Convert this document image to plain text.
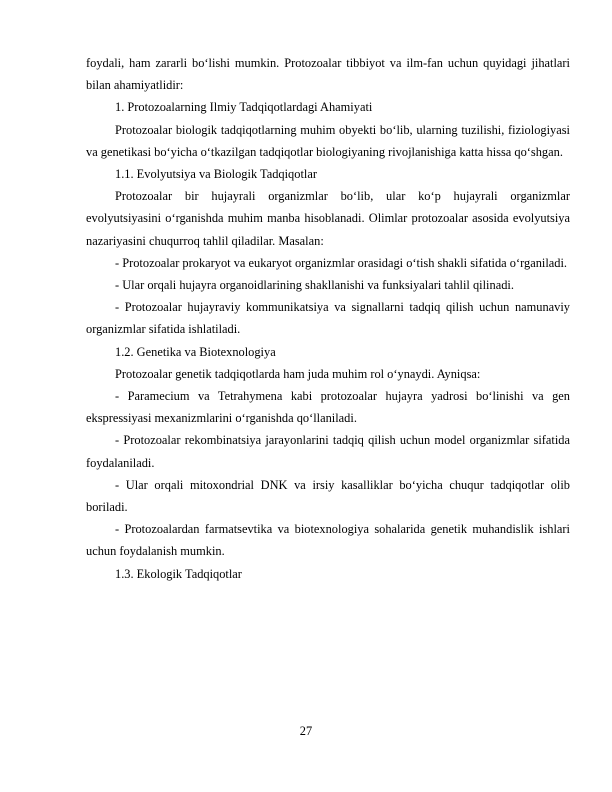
foydali, ham zararli bo‘lishi mumkin. Protozoalar tibbiyot va ilm-fan uchun quyidagi jihatlari bilan ahamiyatlidir:

1. Protozoalarning Ilmiy Tadqiqotlardagi Ahamiyati

Protozoalar biologik tadqiqotlarning muhim obyekti bo‘lib, ularning tuzilishi, fiziologiyasi va genetikasi bo‘yicha o‘tkazilgan tadqiqotlar biologiyaning rivojlanishiga katta hissa qo‘shgan.

1.1. Evolyutsiya va Biologik Tadqiqotlar

Protozoalar bir hujayrali organizmlar bo‘lib, ular ko‘p hujayrali organizmlar evolyutsiyasini o‘rganishda muhim manba hisoblanadi. Olimlar protozoalar asosida evolyutsiya nazariyasini chuqurroq tahlil qiladilar. Masalan:

- Protozoalar prokaryot va eukaryot organizmlar orasidagi o‘tish shakli sifatida o‘rganiladi.

- Ular orqali hujayra organoidlarining shakllanishi va funksiyalari tahlil qilinadi.

- Protozoalar hujayraviy kommunikatsiya va signallarni tadqiq qilish uchun namunaviy organizmlar sifatida ishlatiladi.

1.2. Genetika va Biotexnologiya

Protozoalar genetik tadqiqotlarda ham juda muhim rol o‘ynaydi. Ayniqsa:

- Paramecium va Tetrahymena kabi protozoalar hujayra yadrosi bo‘linishi va gen ekspressiyasi mexanizmlarini o‘rganishda qo‘llaniladi.

- Protozoalar rekombinatsiya jarayonlarini tadqiq qilish uchun model organizmlar sifatida foydalaniladi.

- Ular orqali mitoxondrial DNK va irsiy kasalliklar bo‘yicha chuqur tadqiqotlar olib boriladi.

- Protozoalardan farmatsevtika va biotexnologiya sohalarida genetik muhandislik ishlari uchun foydalanish mumkin.

1.3. Ekologik Tadqiqotlar

27
